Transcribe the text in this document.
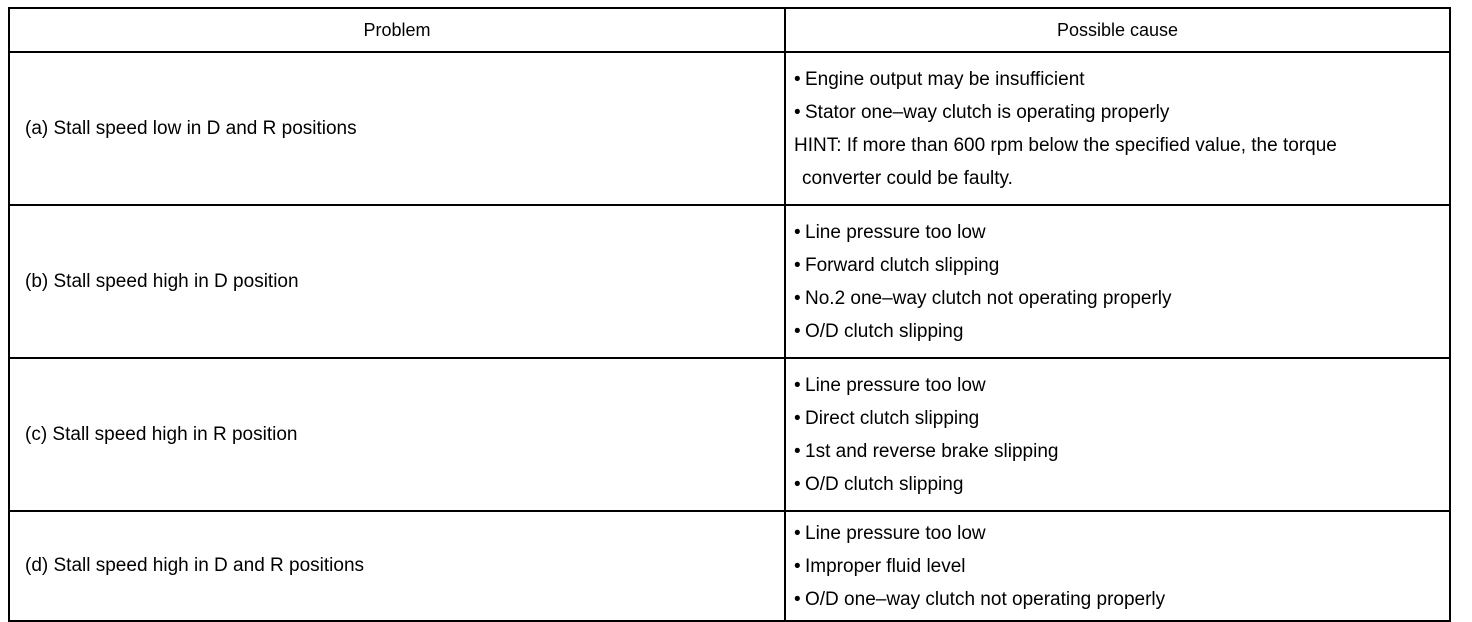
Problem	Possible cause
(a) Stall speed low in D and R positions	• Engine output may be insufficient
• Stator one–way clutch is operating properly
HINT: If more than 600 rpm below the specified value, the torque
converter could be faulty.

(b) Stall speed high in D position	• Line pressure too low
• Forward clutch slipping
• No.2 one–way clutch not operating properly
• O/D clutch slipping

(c) Stall speed high in R position	• Line pressure too low
• Direct clutch slipping
• 1st and reverse brake slipping
• O/D clutch slipping

(d) Stall speed high in D and R positions	• Line pressure too low
• Improper fluid level
• O/D one–way clutch not operating properly
